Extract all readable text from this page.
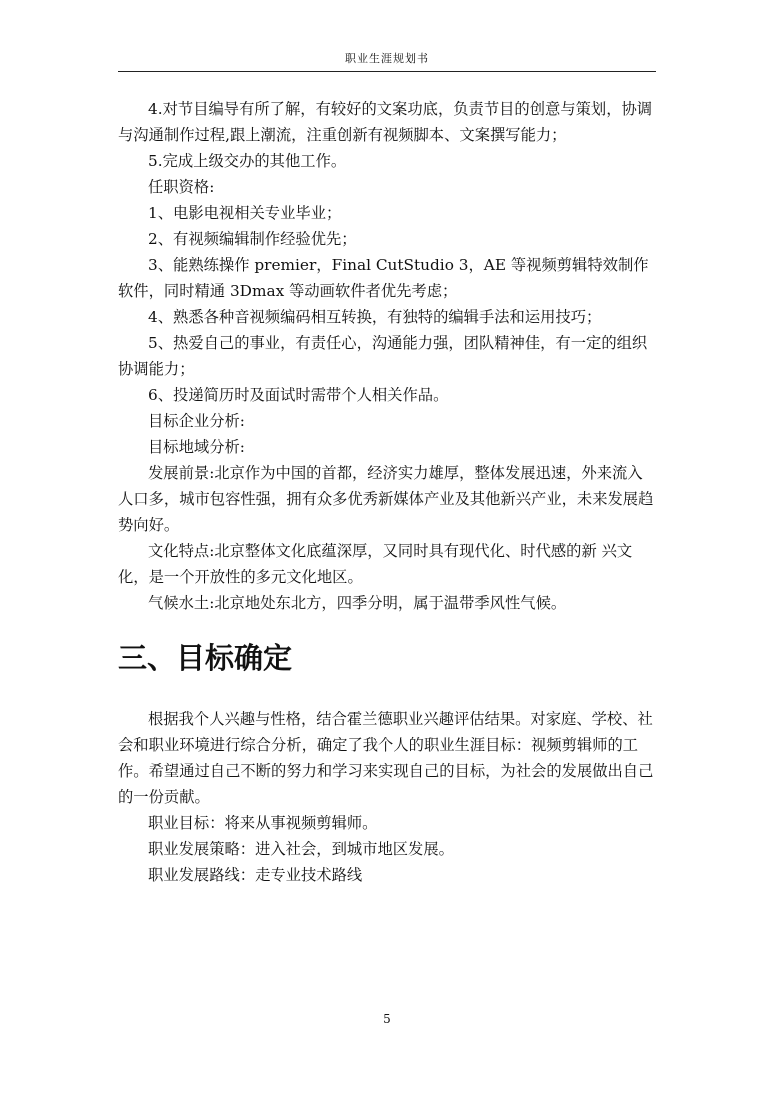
职业生涯规划书

4.对节目编导有所了解，有较好的文案功底，负责节目的创意与策划，协调与沟通制作过程,跟上潮流，注重创新有视频脚本、文案撰写能力；

5.完成上级交办的其他工作。

任职资格:

1、电影电视相关专业毕业；

2、有视频编辑制作经验优先；

3、能熟练操作 premier，Final CutStudio 3，AE 等视频剪辑特效制作软件，同时精通 3Dmax 等动画软件者优先考虑；

4、熟悉各种音视频编码相互转换，有独特的编辑手法和运用技巧；

5、热爱自己的事业，有责任心，沟通能力强，团队精神佳，有一定的组织协调能力；

6、投递简历时及面试时需带个人相关作品。

目标企业分析:

目标地域分析:

发展前景:北京作为中国的首都，经济实力雄厚，整体发展迅速，外来流入人口多，城市包容性强，拥有众多优秀新媒体产业及其他新兴产业，未来发展趋势向好。

文化特点:北京整体文化底蕴深厚，又同时具有现代化、时代感的新 兴文化，是一个开放性的多元文化地区。

气候水土:北京地处东北方，四季分明，属于温带季风性气候。

三、目标确定

根据我个人兴趣与性格，结合霍兰德职业兴趣评估结果。对家庭、学校、社会和职业环境进行综合分析，确定了我个人的职业生涯目标：视频剪辑师的工作。希望通过自己不断的努力和学习来实现自己的目标，为社会的发展做出自己的一份贡献。

职业目标：将来从事视频剪辑师。

职业发展策略：进入社会，到城市地区发展。

职业发展路线：走专业技术路线

5
